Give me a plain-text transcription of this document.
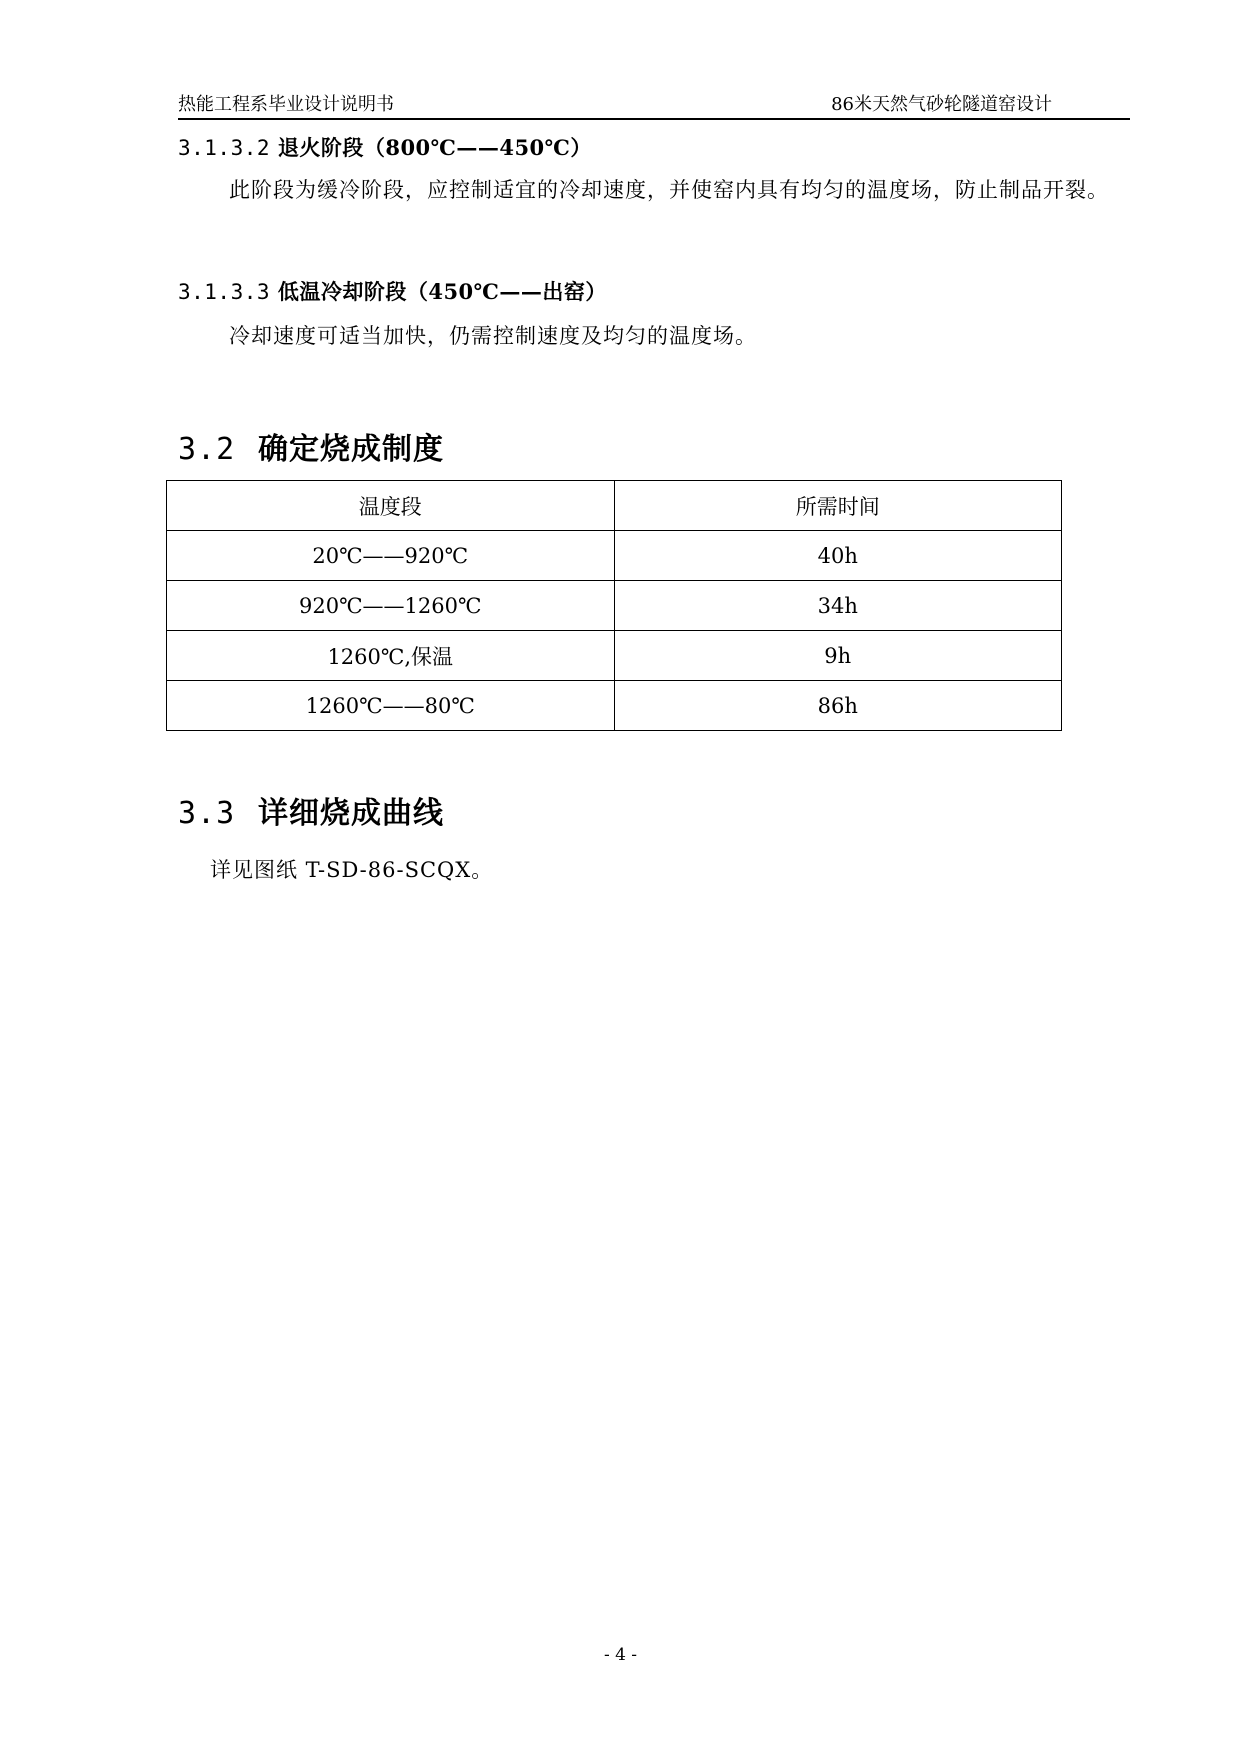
热能工程系毕业设计说明书	86米天然气砂轮隧道窑设计
3.1.3.2 退火阶段（800℃——450℃）
此阶段为缓冷阶段，应控制适宜的冷却速度，并使窑内具有均匀的温度场，防止制品开裂。
3.1.3.3 低温冷却阶段（450℃——出窑）
冷却速度可适当加快，仍需控制速度及均匀的温度场。
3.2 确定烧成制度
温度段	所需时间
20℃——920℃	40h
920℃——1260℃	34h
1260℃,保温	9h
1260℃——80℃	86h
3.3 详细烧成曲线
详见图纸 T-SD-86-SCQX。
- 4 -
